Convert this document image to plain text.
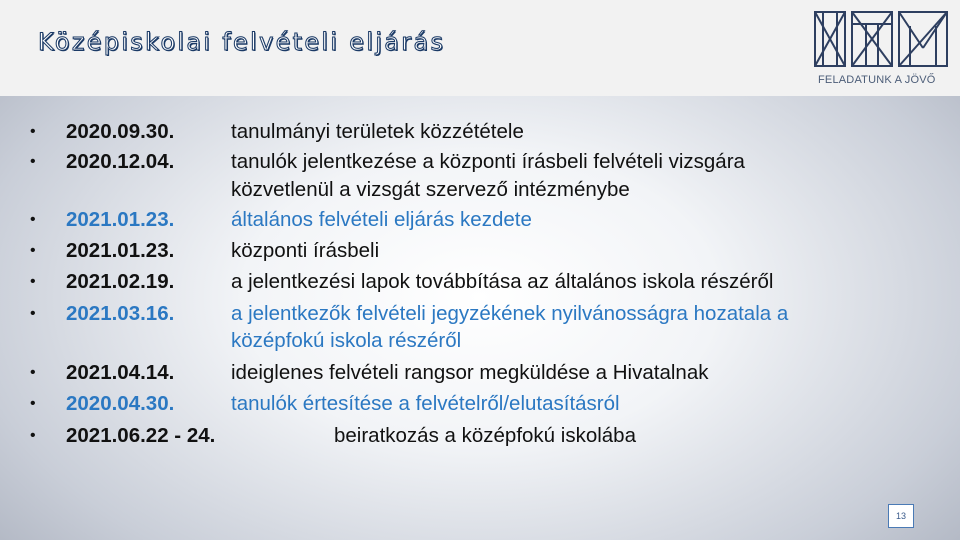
Középiskolai felvételi eljárás
FELADATUNK A JÖVŐ
• 2020.09.30.	tanulmányi területek közzététele
• 2020.12.04.	tanulók jelentkezése a központi írásbeli felvételi vizsgára
közvetlenül a vizsgát szervező intézménybe
• 2021.01.23.	általános felvételi eljárás kezdete
• 2021.01.23.	központi írásbeli
• 2021.02.19.	a jelentkezési lapok továbbítása az általános iskola részéről
• 2021.03.16.	a jelentkezők felvételi jegyzékének nyilvánosságra hozatala a
középfokú iskola részéről
• 2021.04.14.	ideiglenes felvételi rangsor megküldése a Hivatalnak
• 2020.04.30.	tanulók értesítése a felvételről/elutasításról
• 2021.06.22 - 24.	beiratkozás a középfokú iskolába
13
